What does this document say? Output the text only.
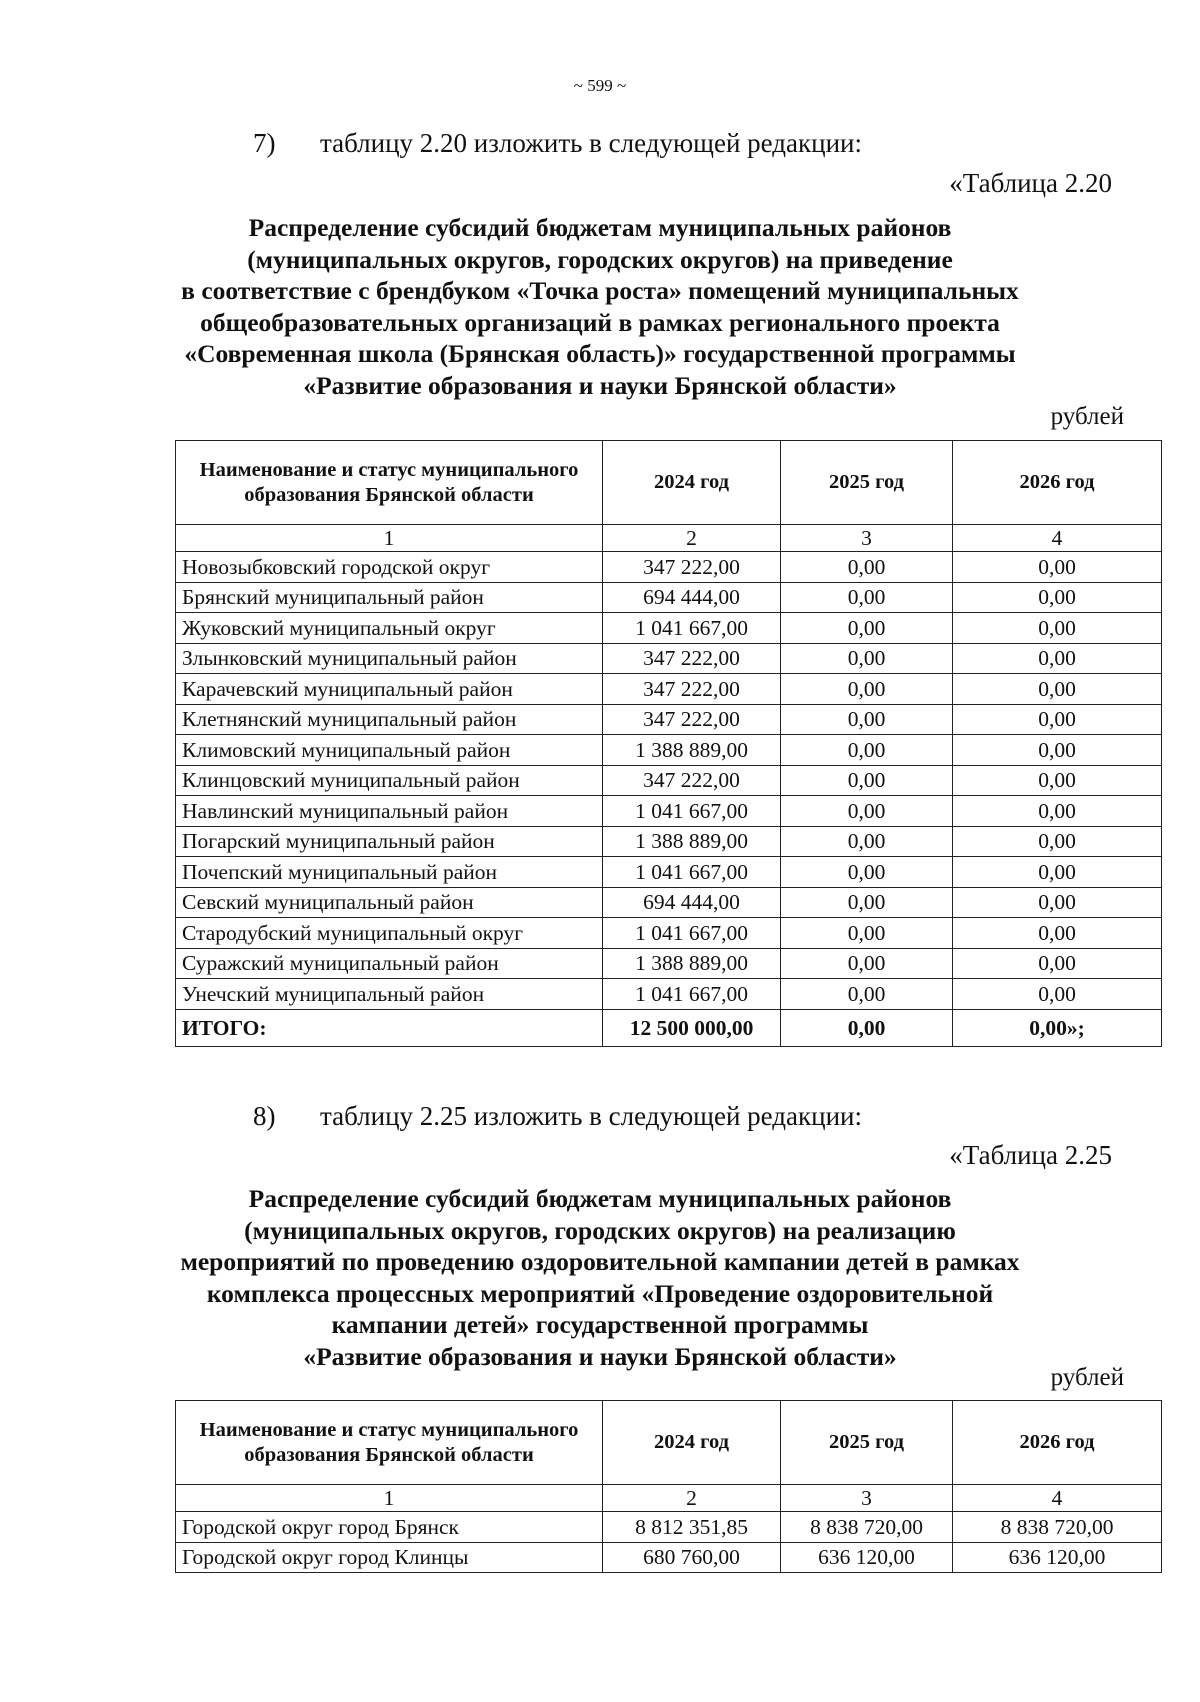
~ 599 ~
7) таблицу 2.20 изложить в следующей редакции:
«Таблица 2.20
Распределение субсидий бюджетам муниципальных районов
(муниципальных округов, городских округов) на приведение
в соответствие с брендбуком «Точка роста» помещений муниципальных
общеобразовательных организаций в рамках регионального проекта
«Современная школа (Брянская область)» государственной программы
«Развитие образования и науки Брянской области»
рублей
Наименование и статус муниципального образования Брянской области	2024 год	2025 год	2026 год
1	2	3	4
Новозыбковский городской округ	347 222,00	0,00	0,00
Брянский муниципальный район	694 444,00	0,00	0,00
Жуковский муниципальный округ	1 041 667,00	0,00	0,00
Злынковский муниципальный район	347 222,00	0,00	0,00
Карачевский муниципальный район	347 222,00	0,00	0,00
Клетнянский муниципальный район	347 222,00	0,00	0,00
Климовский муниципальный район	1 388 889,00	0,00	0,00
Клинцовский муниципальный район	347 222,00	0,00	0,00
Навлинский муниципальный район	1 041 667,00	0,00	0,00
Погарский муниципальный район	1 388 889,00	0,00	0,00
Почепский муниципальный район	1 041 667,00	0,00	0,00
Севский муниципальный район	694 444,00	0,00	0,00
Стародубский муниципальный округ	1 041 667,00	0,00	0,00
Суражский муниципальный район	1 388 889,00	0,00	0,00
Унечский муниципальный район	1 041 667,00	0,00	0,00
ИТОГО:	12 500 000,00	0,00	0,00»;
8) таблицу 2.25 изложить в следующей редакции:
«Таблица 2.25
Распределение субсидий бюджетам муниципальных районов
(муниципальных округов, городских округов) на реализацию
мероприятий по проведению оздоровительной кампании детей в рамках
комплекса процессных мероприятий «Проведение оздоровительной
кампании детей» государственной программы
«Развитие образования и науки Брянской области»
рублей
Наименование и статус муниципального образования Брянской области	2024 год	2025 год	2026 год
1	2	3	4
Городской округ город Брянск	8 812 351,85	8 838 720,00	8 838 720,00
Городской округ город Клинцы	680 760,00	636 120,00	636 120,00
